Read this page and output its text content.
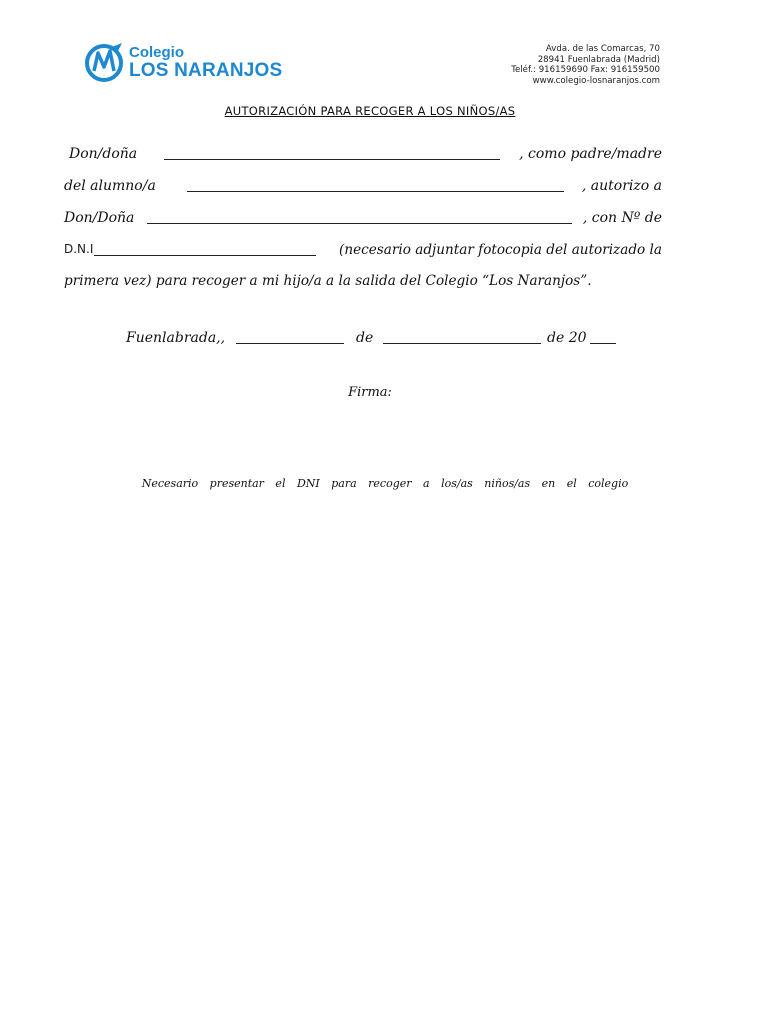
Colegio
LOS NARANJOS
Avda. de las Comarcas, 70
28941 Fuenlabrada (Madrid)
Teléf.: 916159690 Fax: 916159500
www.colegio-losnaranjos.com
AUTORIZACIÓN PARA RECOGER A LOS NIÑOS/AS
Don/doña	, como padre/madre
del alumno/a	, autorizo a
Don/Doña	, con Nº de
D.N.I	(necesario adjuntar fotocopia del autorizado la
primera vez) para recoger a mi hijo/a a la salida del Colegio “Los Naranjos”.
Fuenlabrada,,	de	de 20
Firma:
Necesario presentar el DNI para recoger a los/as niños/as en el colegio
